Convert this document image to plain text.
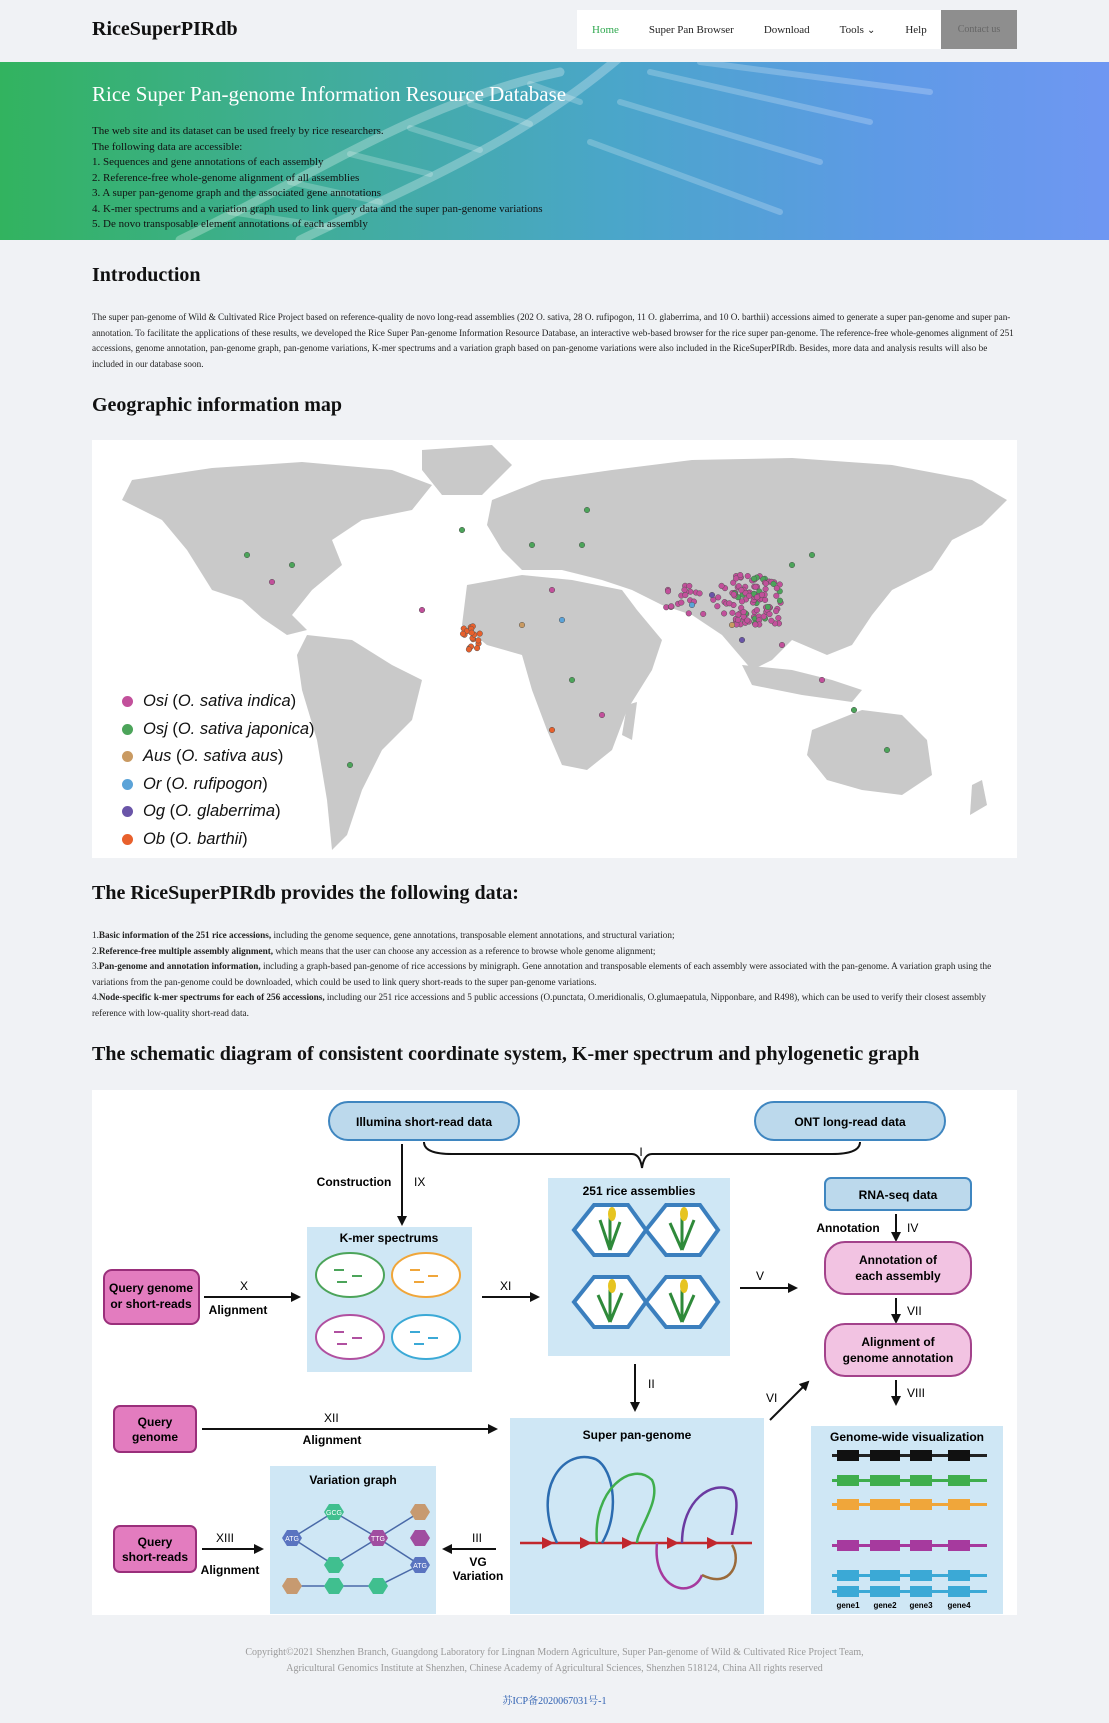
RiceSuperPIRdb	Home	Super Pan Browser	Download	Tools ⌄	Help	Contact us
Rice Super Pan-genome Information Resource Database
The web site and its dataset can be used freely by rice researchers.
The following data are accessible:
1. Sequences and gene annotations of each assembly
2. Reference-free whole-genome alignment of all assemblies
3. A super pan-genome graph and the associated gene annotations
4. K-mer spectrums and a variation graph used to link query data and the super pan-genome variations
5. De novo transposable element annotations of each assembly
Introduction

The super pan-genome of Wild & Cultivated Rice Project based on reference-quality de novo long-read assemblies (202 O. sativa, 28 O. rufipogon, 11 O. glaberrima, and 10 O. barthii) accessions aimed to generate a super pan-genome and super pan-annotation. To facilitate the applications of these results, we developed the Rice Super Pan-genome Information Resource Database, an interactive web-based browser for the rice super pan-genome. The reference-free whole-genomes alignment of 251 accessions, genome annotation, pan-genome graph, pan-genome variations, K-mer spectrums and a variation graph based on pan-genome variations were also included in the RiceSuperPIRdb. Besides, more data and analysis results will also be included in our database soon.

Geographic information map
Osi (O. sativa indica)
Osj (O. sativa japonica)
Aus (O. sativa aus)
Or (O. rufipogon)
Og (O. glaberrima)
Ob (O. barthii)
The RiceSuperPIRdb provides the following data:
1.Basic information of the 251 rice accessions, including the genome sequence, gene annotations, transposable element annotations, and structural variation;
2.Reference-free multiple assembly alignment, which means that the user can choose any accession as a reference to browse whole genome alignment;
3.Pan-genome and annotation information, including a graph-based pan-genome of rice accessions by minigraph. Gene annotation and transposable elements of each assembly were associated with the pan-genome. A variation graph using the variations from the pan-genome could be downloaded, which could be used to link query short-reads to the super pan-genome variations.
4.Node-specific k-mer spectrums for each of 256 accessions, including our 251 rice accessions and 5 public accessions (O.punctata, O.meridionalis, O.glumaepatula, Nipponbare, and R498), which can be used to verify their closest assembly reference with low-quality short-read data.
The schematic diagram of consistent coordinate system, K-mer spectrum and phylogenetic graph
Illumina short-read data	ONT long-read data
I
Construction IX
K-mer spectrums
Query genome
or short-reads
X
Alignment
XI
251 rice assemblies
V
RNA-seq data
Annotation IV
Annotation of
each assembly
VII
Alignment of
genome annotation
VIII
II
VI
Query
genome
XII
Alignment	Super pan-genome
Query
short-reads
XIII
Alignment
Variation graph
ATG
GCG
TTG
ATG
III
VG
Variation
Genome-wide visualization
gene1 gene2 gene3 gene4
Copyright©2021 Shenzhen Branch, Guangdong Laboratory for Lingnan Modern Agriculture, Super Pan-genome of Wild & Cultivated Rice Project Team,
Agricultural Genomics Institute at Shenzhen, Chinese Academy of Agricultural Sciences, Shenzhen 518124, China All rights reserved
苏ICP备2020067031号-1
